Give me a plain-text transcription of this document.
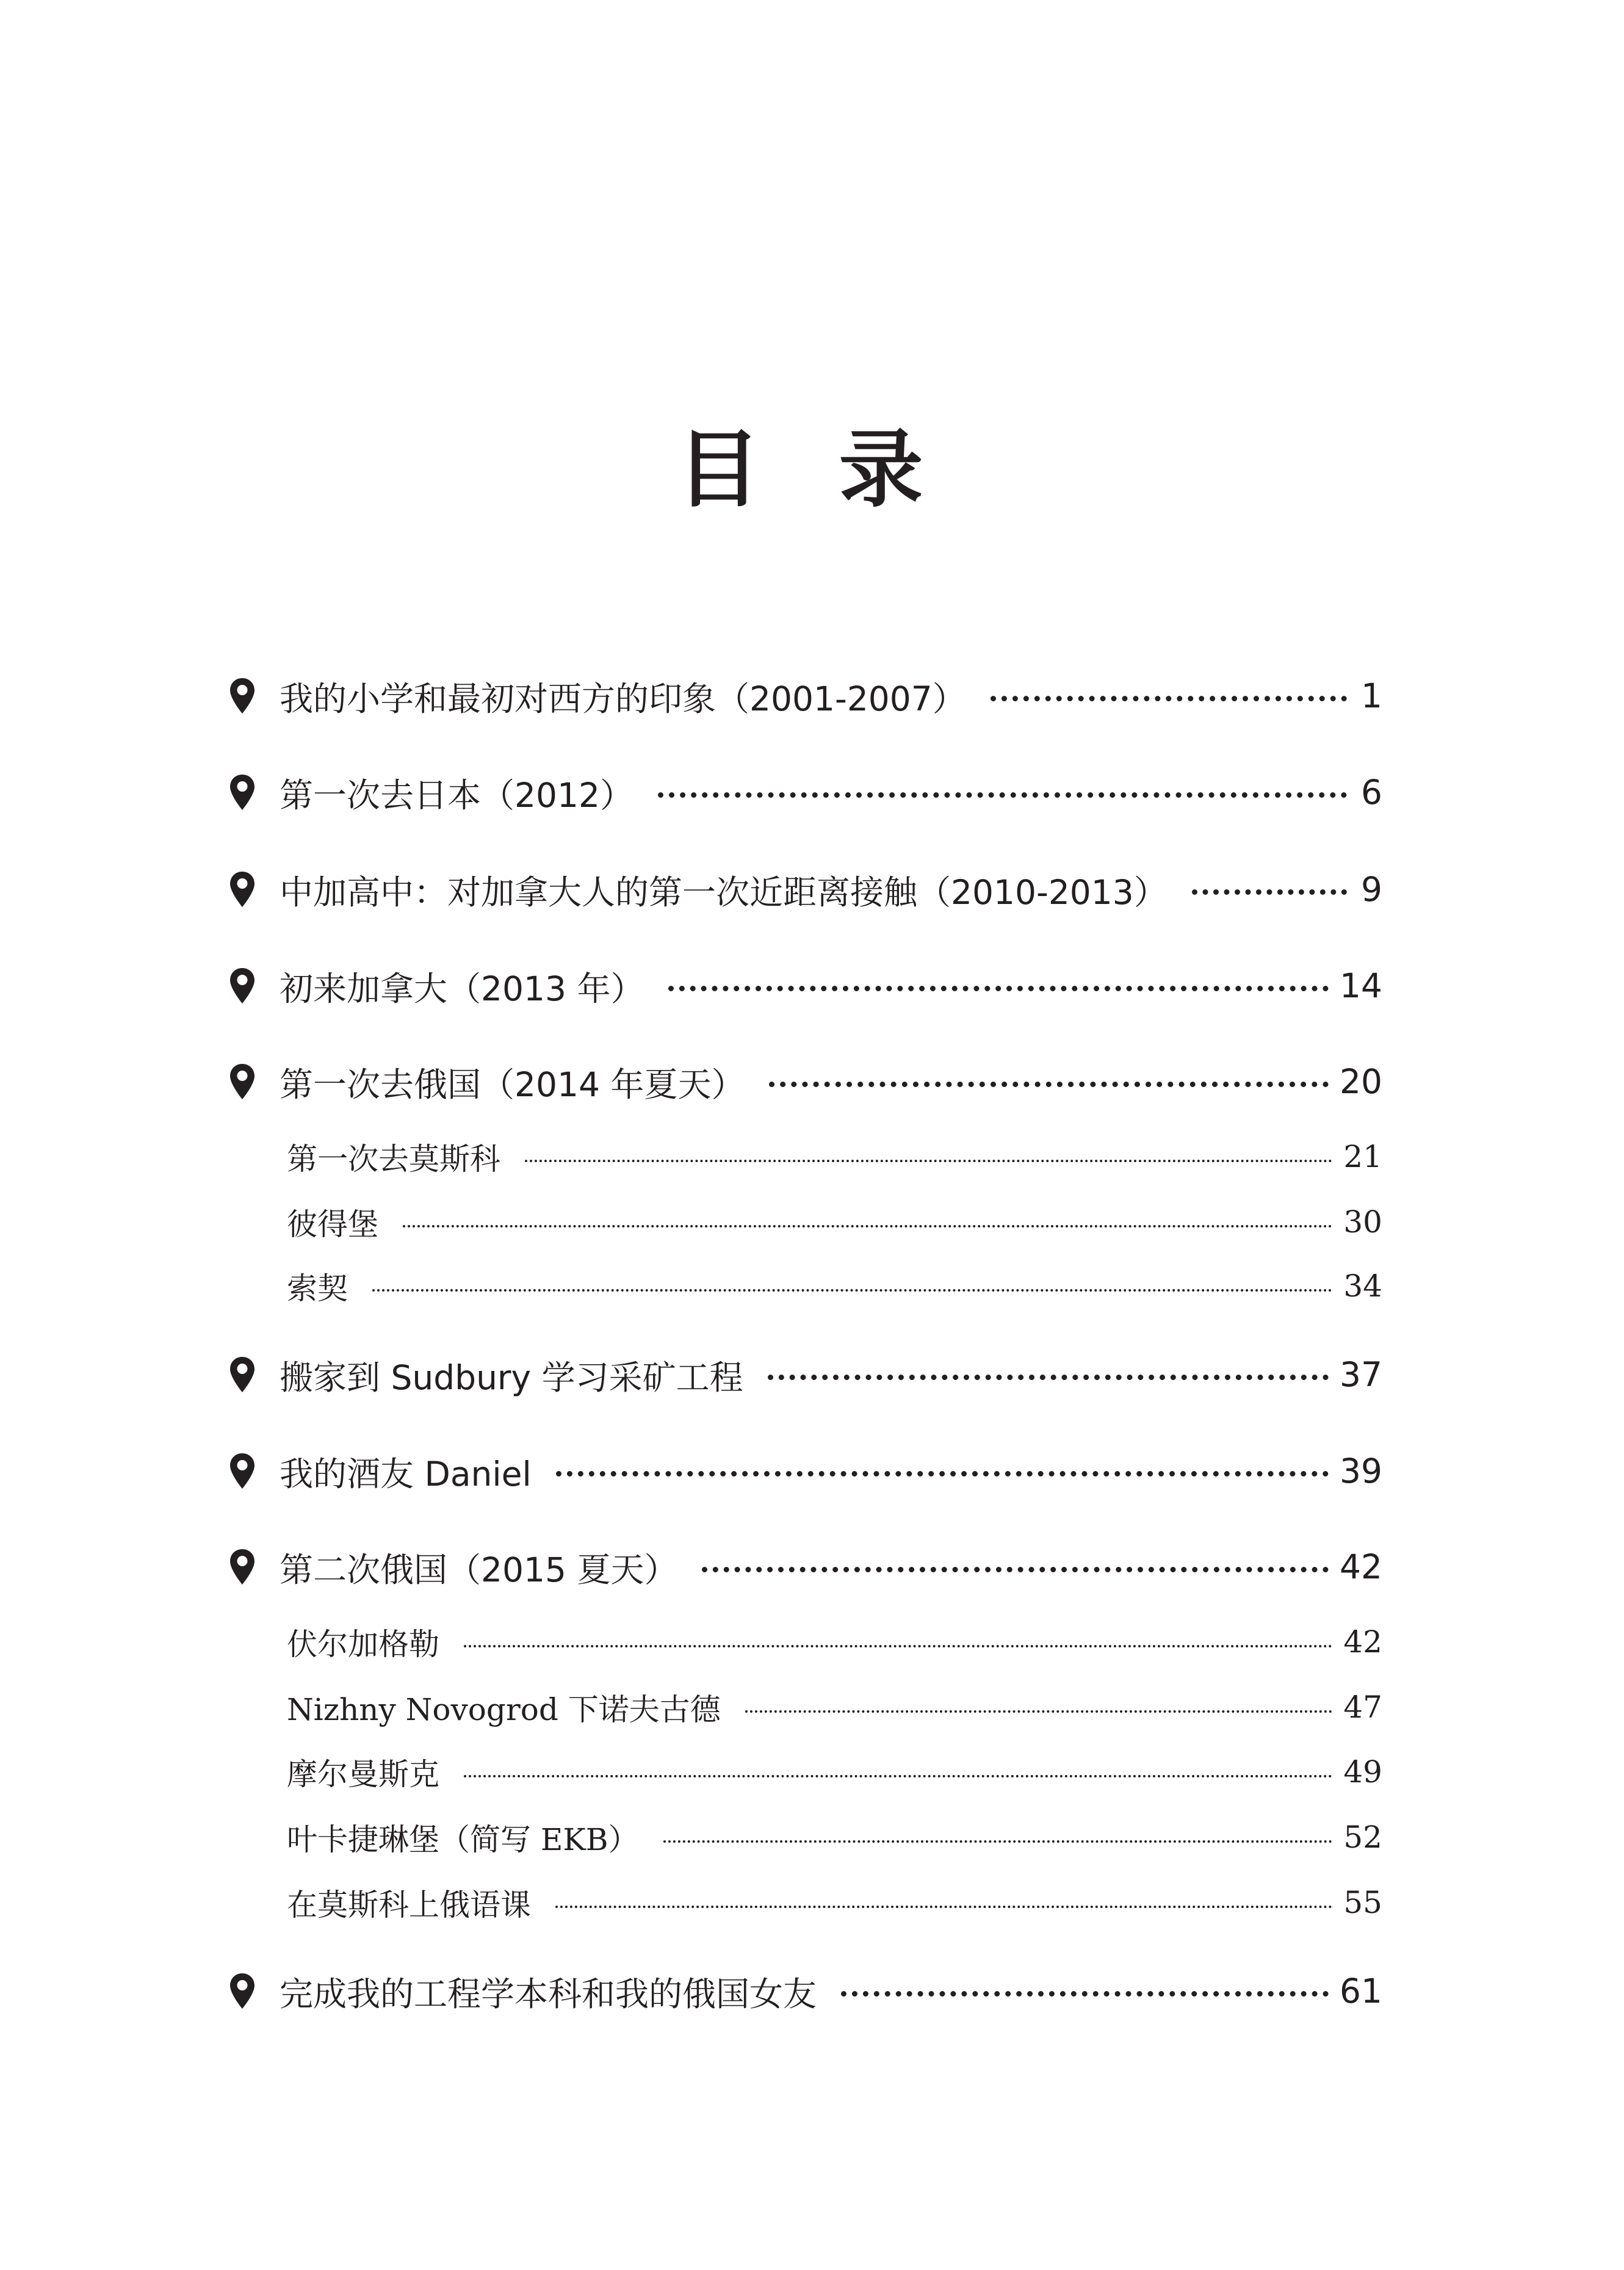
目 录
我的小学和最初对西方的印象（2001-2007）	1
第一次去日本（2012）	6
中加高中：对加拿大人的第一次近距离接触（2010-2013）	9
初来加拿大（2013 年）	14
第一次去俄国（2014 年夏天）	20
第一次去莫斯科	21
彼得堡	30
索契	34
搬家到 Sudbury 学习采矿工程	37
我的酒友 Daniel	39
第二次俄国（2015 夏天）	42
伏尔加格勒	42
Nizhny Novogrod 下诺夫古德	47
摩尔曼斯克	49
叶卡捷琳堡（简写 EKB）	52
在莫斯科上俄语课	55
完成我的工程学本科和我的俄国女友	61
